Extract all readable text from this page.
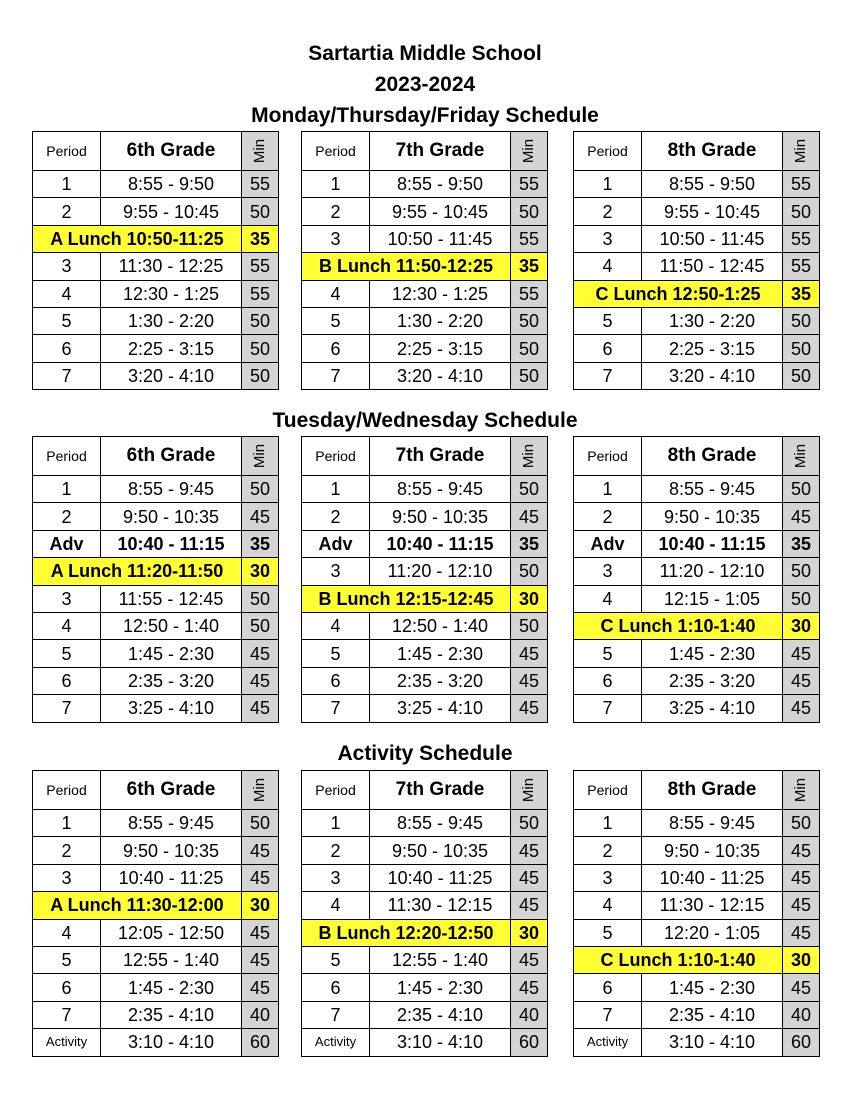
Sartartia Middle School
2023-2024
Monday/Thursday/Friday Schedule
Period	6th Grade	Min
1	8:55 - 9:50	55
2	9:55 - 10:45	50
A Lunch 10:50-11:25		35
3	11:30 - 12:25	55
4	12:30 - 1:25	55
5	1:30 - 2:20	50
6	2:25 - 3:15	50
7	3:20 - 4:10	50
Period	7th Grade	Min
1	8:55 - 9:50	55
2	9:55 - 10:45	50
3	10:50 - 11:45	55
B Lunch 11:50-12:25		35
4	12:30 - 1:25	55
5	1:30 - 2:20	50
6	2:25 - 3:15	50
7	3:20 - 4:10	50
Period	8th Grade	Min
1	8:55 - 9:50	55
2	9:55 - 10:45	50
3	10:50 - 11:45	55
4	11:50 - 12:45	55
C Lunch 12:50-1:25		35
5	1:30 - 2:20	50
6	2:25 - 3:15	50
7	3:20 - 4:10	50
Tuesday/Wednesday Schedule
Period	6th Grade	Min
1	8:55 - 9:45	50
2	9:50 - 10:35	45
Adv	10:40 - 11:15	35
A Lunch 11:20-11:50		30
3	11:55 - 12:45	50
4	12:50 - 1:40	50
5	1:45 - 2:30	45
6	2:35 - 3:20	45
7	3:25 - 4:10	45
Period	7th Grade	Min
1	8:55 - 9:45	50
2	9:50 - 10:35	45
Adv	10:40 - 11:15	35
3	11:20 - 12:10	50
B Lunch 12:15-12:45		30
4	12:50 - 1:40	50
5	1:45 - 2:30	45
6	2:35 - 3:20	45
7	3:25 - 4:10	45
Period	8th Grade	Min
1	8:55 - 9:45	50
2	9:50 - 10:35	45
Adv	10:40 - 11:15	35
3	11:20 - 12:10	50
4	12:15 - 1:05	50
C Lunch 1:10-1:40		30
5	1:45 - 2:30	45
6	2:35 - 3:20	45
7	3:25 - 4:10	45
Activity Schedule
Period	6th Grade	Min
1	8:55 - 9:45	50
2	9:50 - 10:35	45
3	10:40 - 11:25	45
A Lunch 11:30-12:00		30
4	12:05 - 12:50	45
5	12:55 - 1:40	45
6	1:45 - 2:30	45
7	2:35 - 4:10	40
Activity	3:10 - 4:10	60
Period	7th Grade	Min
1	8:55 - 9:45	50
2	9:50 - 10:35	45
3	10:40 - 11:25	45
4	11:30 - 12:15	45
B Lunch 12:20-12:50		30
5	12:55 - 1:40	45
6	1:45 - 2:30	45
7	2:35 - 4:10	40
Activity	3:10 - 4:10	60
Period	8th Grade	Min
1	8:55 - 9:45	50
2	9:50 - 10:35	45
3	10:40 - 11:25	45
4	11:30 - 12:15	45
5	12:20 - 1:05	45
C Lunch 1:10-1:40		30
6	1:45 - 2:30	45
7	2:35 - 4:10	40
Activity	3:10 - 4:10	60
